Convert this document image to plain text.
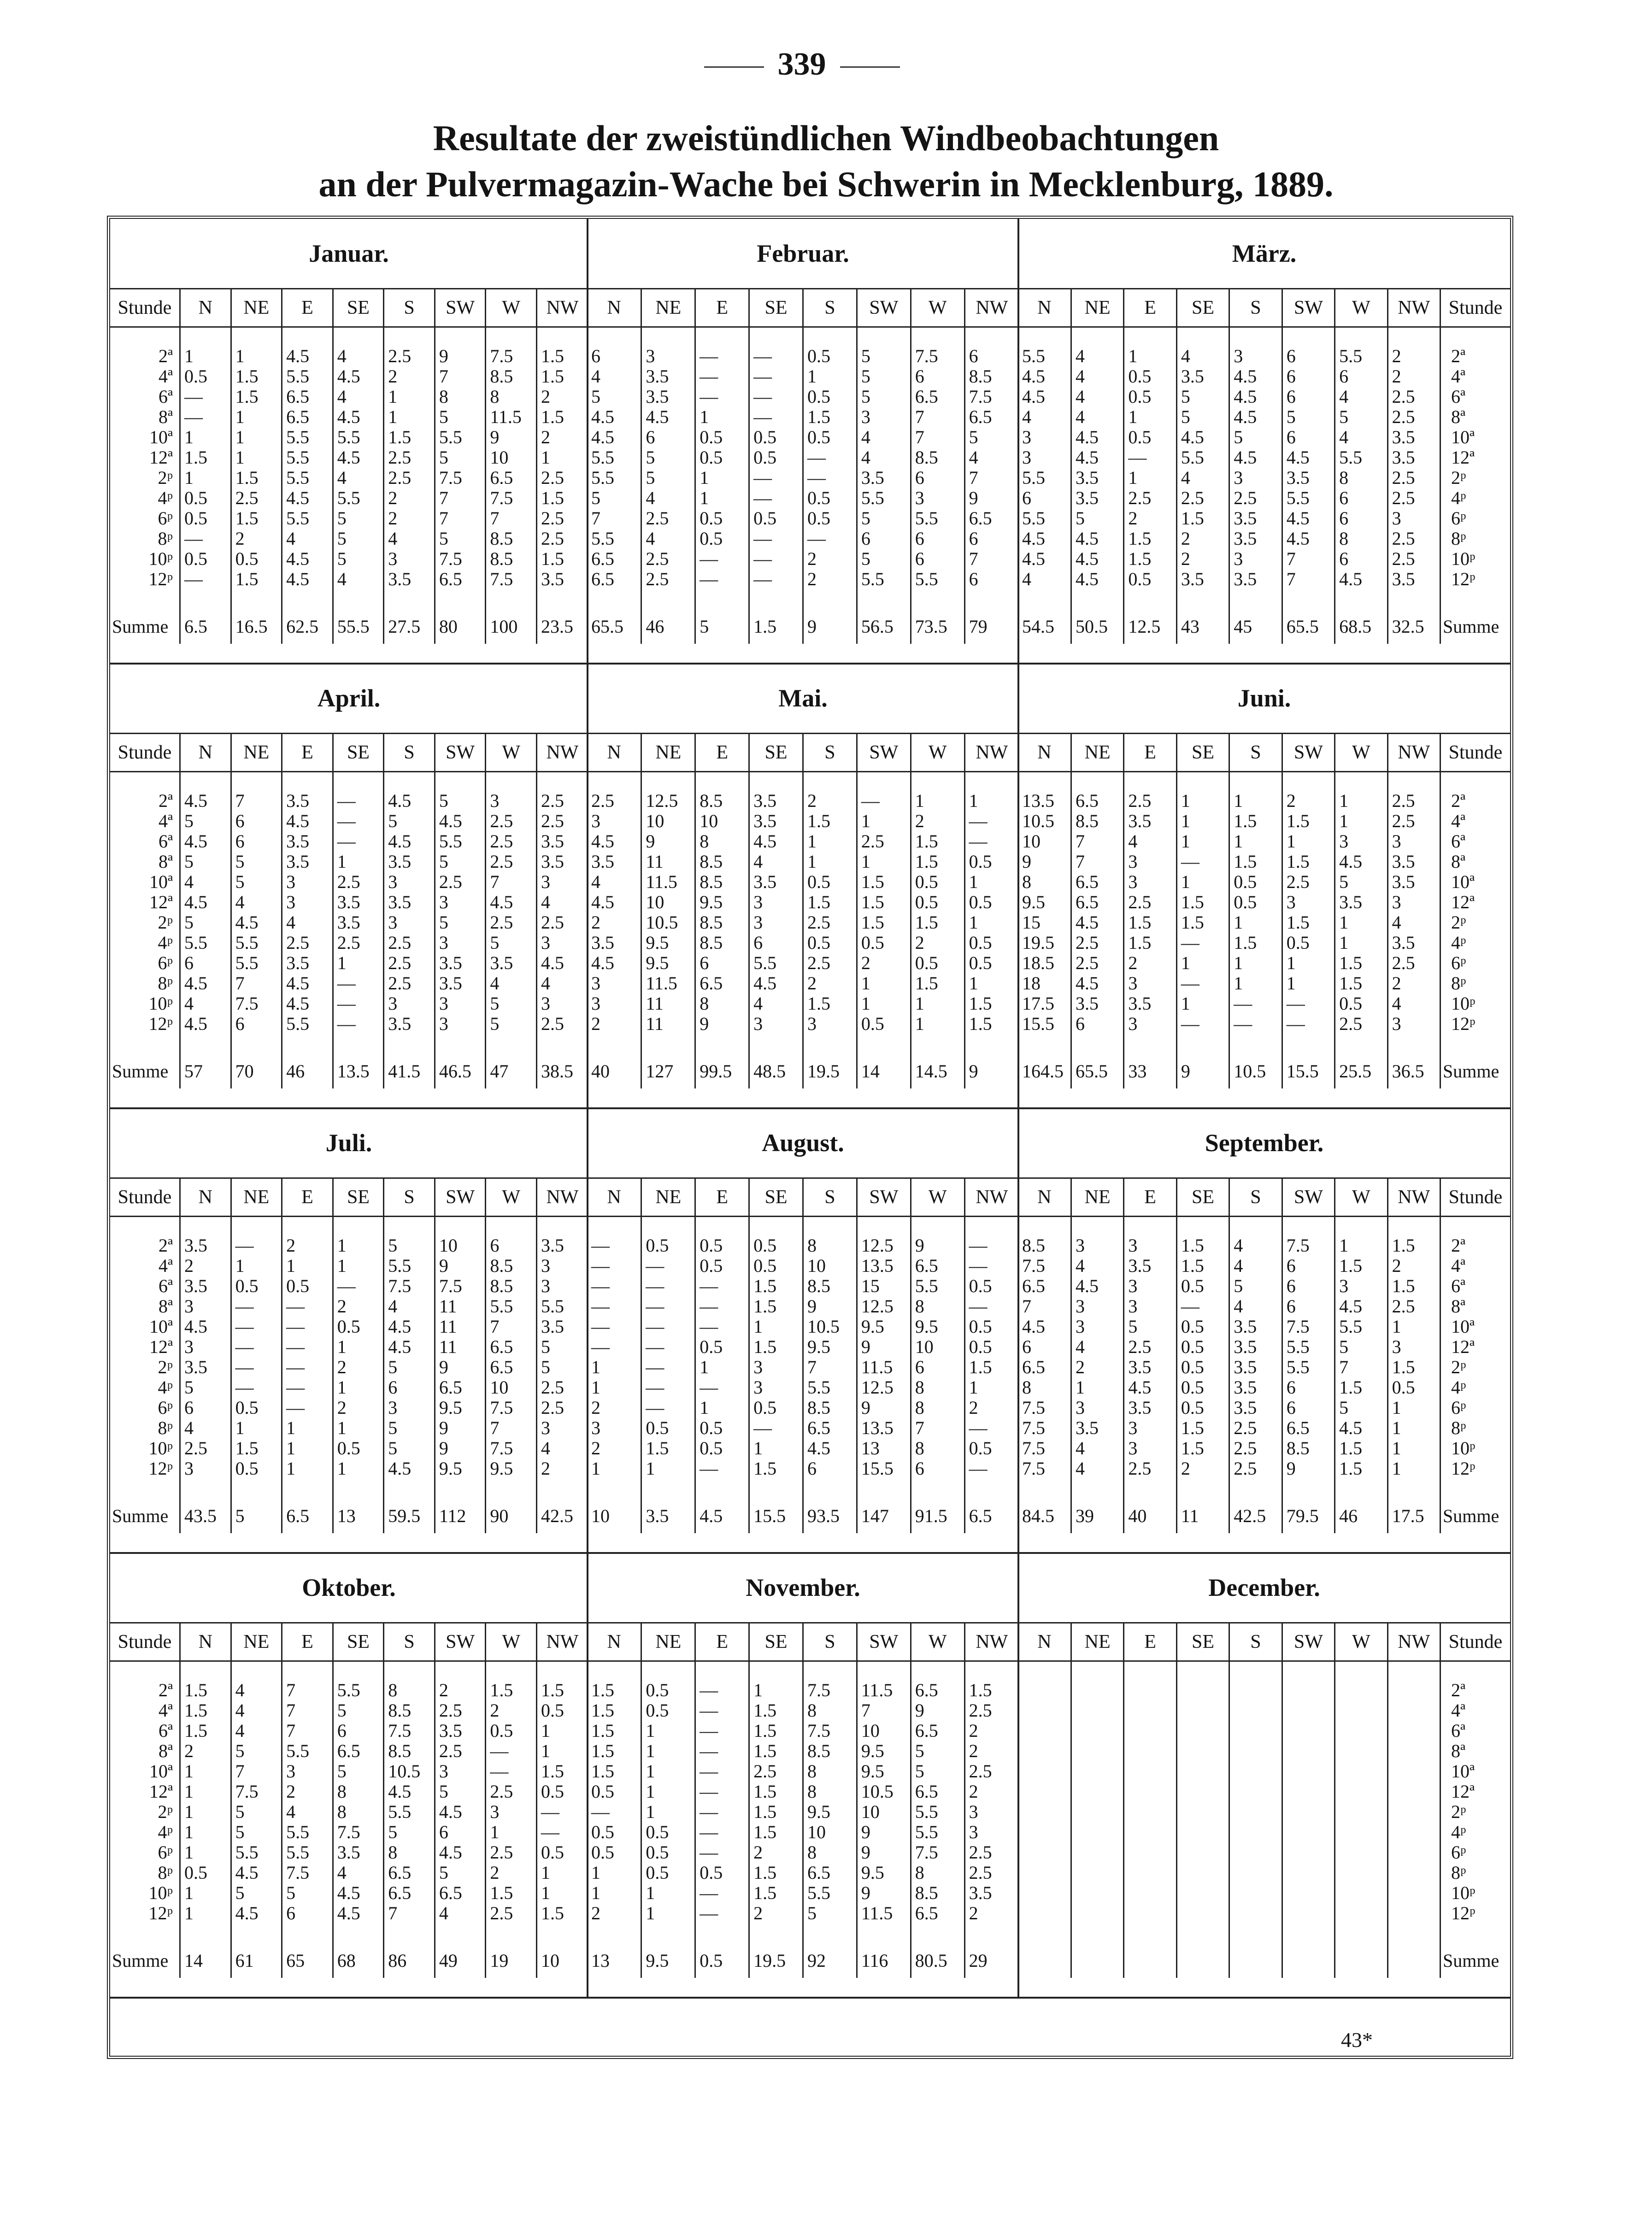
339
Resultate der zweistündlichen Windbeobachtungen
an der Pulvermagazin-Wache bei Schwerin in Mecklenburg, 1889.
Januar.
Stunde	N	NE	E	SE	S	SW	W	NW

2ª	1	1	4.5	4	2.5	9	7.5	1.5
4ª	0.5	1.5	5.5	4.5	2	7	8.5	1.5
6ª	—	1.5	6.5	4	1	8	8	2
8ª	—	1	6.5	4.5	1	5	11.5	1.5
10ª	1	1	5.5	5.5	1.5	5.5	9	2
12ª	1.5	1	5.5	4.5	2.5	5	10	1
2ᵖ	1	1.5	5.5	4	2.5	7.5	6.5	2.5
4ᵖ	0.5	2.5	4.5	5.5	2	7	7.5	1.5
6ᵖ	0.5	1.5	5.5	5	2	7	7	2.5
8ᵖ	—	2	4	5	4	5	8.5	2.5
10ᵖ	0.5	0.5	4.5	5	3	7.5	8.5	1.5
12ᵖ	—	1.5	4.5	4	3.5	6.5	7.5	3.5

Summe	6.5	16.5	62.5	55.5	27.5	80	100	23.5
Februar.
N	NE	E	SE	S	SW	W	NW

6	3	—	—	0.5	5	7.5	6
4	3.5	—	—	1	5	6	8.5
5	3.5	—	—	0.5	5	6.5	7.5
4.5	4.5	1	—	1.5	3	7	6.5
4.5	6	0.5	0.5	0.5	4	7	5
5.5	5	0.5	0.5	—	4	8.5	4
5.5	5	1	—	—	3.5	6	7
5	4	1	—	0.5	5.5	3	9
7	2.5	0.5	0.5	0.5	5	5.5	6.5
5.5	4	0.5	—	—	6	6	6
6.5	2.5	—	—	2	5	6	7
6.5	2.5	—	—	2	5.5	5.5	6

65.5	46	5	1.5	9	56.5	73.5	79
März.
N	NE	E	SE	S	SW	W	NW	Stunde

5.5	4	1	4	3	6	5.5	2	2ª
4.5	4	0.5	3.5	4.5	6	6	2	4ª
4.5	4	0.5	5	4.5	6	4	2.5	6ª
4	4	1	5	4.5	5	5	2.5	8ª
3	4.5	0.5	4.5	5	6	4	3.5	10ª
3	4.5	—	5.5	4.5	4.5	5.5	3.5	12ª
5.5	3.5	1	4	3	3.5	8	2.5	2ᵖ
6	3.5	2.5	2.5	2.5	5.5	6	2.5	4ᵖ
5.5	5	2	1.5	3.5	4.5	6	3	6ᵖ
4.5	4.5	1.5	2	3.5	4.5	8	2.5	8ᵖ
4.5	4.5	1.5	2	3	7	6	2.5	10ᵖ
4	4.5	0.5	3.5	3.5	7	4.5	3.5	12ᵖ

54.5	50.5	12.5	43	45	65.5	68.5	32.5	Summe
April.
Stunde	N	NE	E	SE	S	SW	W	NW

2ª	4.5	7	3.5	—	4.5	5	3	2.5
4ª	5	6	4.5	—	5	4.5	2.5	2.5
6ª	4.5	6	3.5	—	4.5	5.5	2.5	3.5
8ª	5	5	3.5	1	3.5	5	2.5	3.5
10ª	4	5	3	2.5	3	2.5	7	3
12ª	4.5	4	3	3.5	3.5	3	4.5	4
2ᵖ	5	4.5	4	3.5	3	5	2.5	2.5
4ᵖ	5.5	5.5	2.5	2.5	2.5	3	5	3
6ᵖ	6	5.5	3.5	1	2.5	3.5	3.5	4.5
8ᵖ	4.5	7	4.5	—	2.5	3.5	4	4
10ᵖ	4	7.5	4.5	—	3	3	5	3
12ᵖ	4.5	6	5.5	—	3.5	3	5	2.5

Summe	57	70	46	13.5	41.5	46.5	47	38.5
Mai.
N	NE	E	SE	S	SW	W	NW

2.5	12.5	8.5	3.5	2	—	1	1
3	10	10	3.5	1.5	1	2	—
4.5	9	8	4.5	1	2.5	1.5	—
3.5	11	8.5	4	1	1	1.5	0.5
4	11.5	8.5	3.5	0.5	1.5	0.5	1
4.5	10	9.5	3	1.5	1.5	0.5	0.5
2	10.5	8.5	3	2.5	1.5	1.5	1
3.5	9.5	8.5	6	0.5	0.5	2	0.5
4.5	9.5	6	5.5	2.5	2	0.5	0.5
3	11.5	6.5	4.5	2	1	1.5	1
3	11	8	4	1.5	1	1	1.5
2	11	9	3	3	0.5	1	1.5

40	127	99.5	48.5	19.5	14	14.5	9
Juni.
N	NE	E	SE	S	SW	W	NW	Stunde

13.5	6.5	2.5	1	1	2	1	2.5	2ª
10.5	8.5	3.5	1	1.5	1.5	1	2.5	4ª
10	7	4	1	1	1	3	3	6ª
9	7	3	—	1.5	1.5	4.5	3.5	8ª
8	6.5	3	1	0.5	2.5	5	3.5	10ª
9.5	6.5	2.5	1.5	0.5	3	3.5	3	12ª
15	4.5	1.5	1.5	1	1.5	1	4	2ᵖ
19.5	2.5	1.5	—	1.5	0.5	1	3.5	4ᵖ
18.5	2.5	2	1	1	1	1.5	2.5	6ᵖ
18	4.5	3	—	1	1	1.5	2	8ᵖ
17.5	3.5	3.5	1	—	—	0.5	4	10ᵖ
15.5	6	3	—	—	—	2.5	3	12ᵖ

164.5	65.5	33	9	10.5	15.5	25.5	36.5	Summe
Juli.
Stunde	N	NE	E	SE	S	SW	W	NW

2ª	3.5	—	2	1	5	10	6	3.5
4ª	2	1	1	1	5.5	9	8.5	3
6ª	3.5	0.5	0.5	—	7.5	7.5	8.5	3
8ª	3	—	—	2	4	11	5.5	5.5
10ª	4.5	—	—	0.5	4.5	11	7	3.5
12ª	3	—	—	1	4.5	11	6.5	5
2ᵖ	3.5	—	—	2	5	9	6.5	5
4ᵖ	5	—	—	1	6	6.5	10	2.5
6ᵖ	6	0.5	—	2	3	9.5	7.5	2.5
8ᵖ	4	1	1	1	5	9	7	3
10ᵖ	2.5	1.5	1	0.5	5	9	7.5	4
12ᵖ	3	0.5	1	1	4.5	9.5	9.5	2

Summe	43.5	5	6.5	13	59.5	112	90	42.5
August.
N	NE	E	SE	S	SW	W	NW

—	0.5	0.5	0.5	8	12.5	9	—
—	—	0.5	0.5	10	13.5	6.5	—
—	—	—	1.5	8.5	15	5.5	0.5
—	—	—	1.5	9	12.5	8	—
—	—	—	1	10.5	9.5	9.5	0.5
—	—	0.5	1.5	9.5	9	10	0.5
1	—	1	3	7	11.5	6	1.5
1	—	—	3	5.5	12.5	8	1
2	—	1	0.5	8.5	9	8	2
3	0.5	0.5	—	6.5	13.5	7	—
2	1.5	0.5	1	4.5	13	8	0.5
1	1	—	1.5	6	15.5	6	—

10	3.5	4.5	15.5	93.5	147	91.5	6.5
September.
N	NE	E	SE	S	SW	W	NW	Stunde

8.5	3	3	1.5	4	7.5	1	1.5	2ª
7.5	4	3.5	1.5	4	6	1.5	2	4ª
6.5	4.5	3	0.5	5	6	3	1.5	6ª
7	3	3	—	4	6	4.5	2.5	8ª
4.5	3	5	0.5	3.5	7.5	5.5	1	10ª
6	4	2.5	0.5	3.5	5.5	5	3	12ª
6.5	2	3.5	0.5	3.5	5.5	7	1.5	2ᵖ
8	1	4.5	0.5	3.5	6	1.5	0.5	4ᵖ
7.5	3	3.5	0.5	3.5	6	5	1	6ᵖ
7.5	3.5	3	1.5	2.5	6.5	4.5	1	8ᵖ
7.5	4	3	1.5	2.5	8.5	1.5	1	10ᵖ
7.5	4	2.5	2	2.5	9	1.5	1	12ᵖ

84.5	39	40	11	42.5	79.5	46	17.5	Summe
Oktober.
Stunde	N	NE	E	SE	S	SW	W	NW

2ª	1.5	4	7	5.5	8	2	1.5	1.5
4ª	1.5	4	7	5	8.5	2.5	2	0.5
6ª	1.5	4	7	6	7.5	3.5	0.5	1
8ª	2	5	5.5	6.5	8.5	2.5	—	1
10ª	1	7	3	5	10.5	3	—	1.5
12ª	1	7.5	2	8	4.5	5	2.5	0.5
2ᵖ	1	5	4	8	5.5	4.5	3	—
4ᵖ	1	5	5.5	7.5	5	6	1	—
6ᵖ	1	5.5	5.5	3.5	8	4.5	2.5	0.5
8ᵖ	0.5	4.5	7.5	4	6.5	5	2	1
10ᵖ	1	5	5	4.5	6.5	6.5	1.5	1
12ᵖ	1	4.5	6	4.5	7	4	2.5	1.5

Summe	14	61	65	68	86	49	19	10
November.
N	NE	E	SE	S	SW	W	NW

1.5	0.5	—	1	7.5	11.5	6.5	1.5
1.5	0.5	—	1.5	8	7	9	2.5
1.5	1	—	1.5	7.5	10	6.5	2
1.5	1	—	1.5	8.5	9.5	5	2
1.5	1	—	2.5	8	9.5	5	2.5
0.5	1	—	1.5	8	10.5	6.5	2
—	1	—	1.5	9.5	10	5.5	3
0.5	0.5	—	1.5	10	9	5.5	3
0.5	0.5	—	2	8	9	7.5	2.5
1	0.5	0.5	1.5	6.5	9.5	8	2.5
1	1	—	1.5	5.5	9	8.5	3.5
2	1	—	2	5	11.5	6.5	2

13	9.5	0.5	19.5	92	116	80.5	29
December.
N	NE	E	SE	S	SW	W	NW	Stunde

								2ª
								4ª
								6ª
								8ª
								10ª
								12ª
								2ᵖ
								4ᵖ
								6ᵖ
								8ᵖ
								10ᵖ
								12ᵖ

								Summe
43*
